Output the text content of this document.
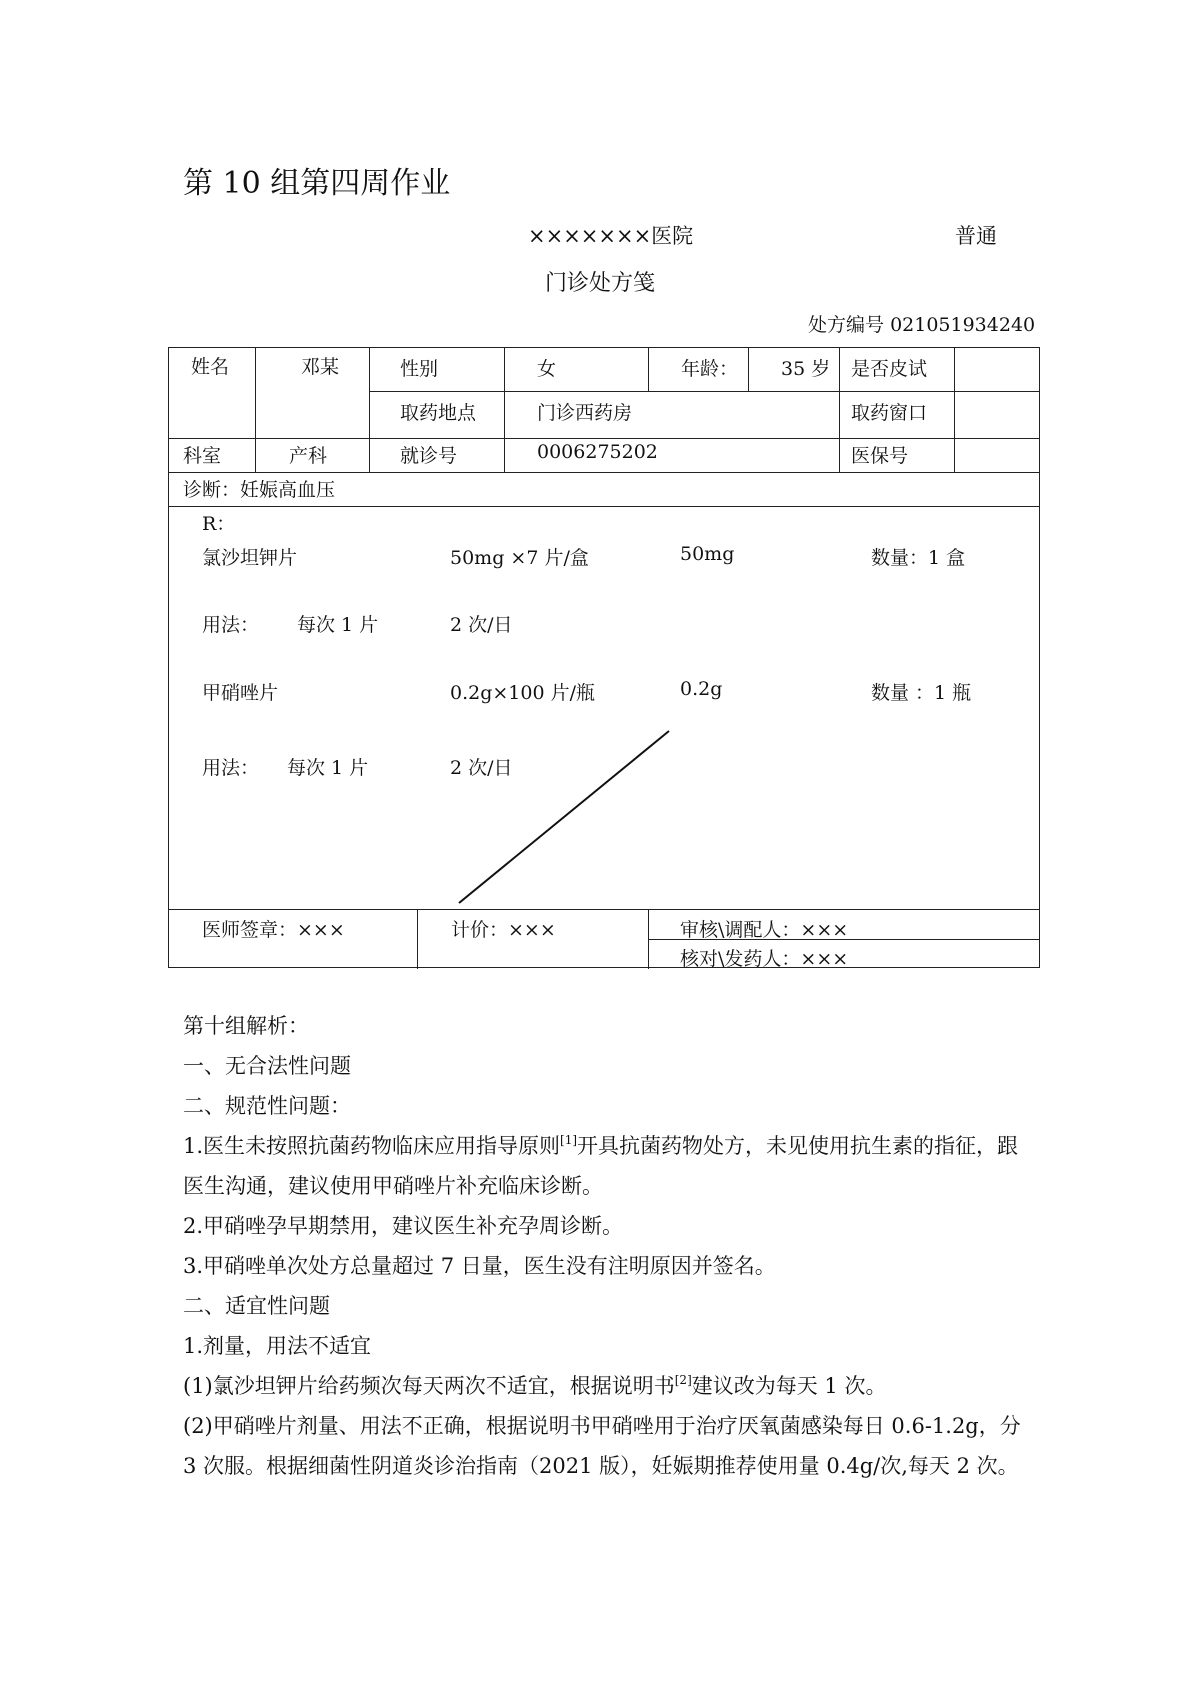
第 10 组第四周作业
×××××××医院	普通
门诊处方笺
处方编号 021051934240
姓名	邓某	性别	女	年龄： 35 岁 是否皮试
取药地点	门诊西药房	取药窗口
科室	产科	就诊号	0006275202	医保号
诊断：妊娠高血压
R：
氯沙坦钾片	50mg ×7 片/盒	50mg	数量：1 盒
用法： 每次 1 片	2 次/日
甲硝唑片	0.2g×100 片/瓶	0.2g	数量 ：1 瓶
用法： 每次 1 片	2 次/日
医师签章：×××	计价：×××	审核\调配人：×××
核对\发药人：×××

第十组解析：

一、无合法性问题

二、规范性问题：

1.医生未按照抗菌药物临床应用指导原则[1]开具抗菌药物处方，未见使用抗生素的指征，跟医生沟通，建议使用甲硝唑片补充临床诊断。

2.甲硝唑孕早期禁用，建议医生补充孕周诊断。

3.甲硝唑单次处方总量超过 7 日量，医生没有注明原因并签名。

二、适宜性问题

1.剂量，用法不适宜

(1)氯沙坦钾片给药频次每天两次不适宜，根据说明书[2]建议改为每天 1 次。

(2)甲硝唑片剂量、用法不正确，根据说明书甲硝唑用于治疗厌氧菌感染每日 0.6-1.2g，分 3 次服。根据细菌性阴道炎诊治指南（2021 版），妊娠期推荐使用量 0.4g/次,每天 2 次。
